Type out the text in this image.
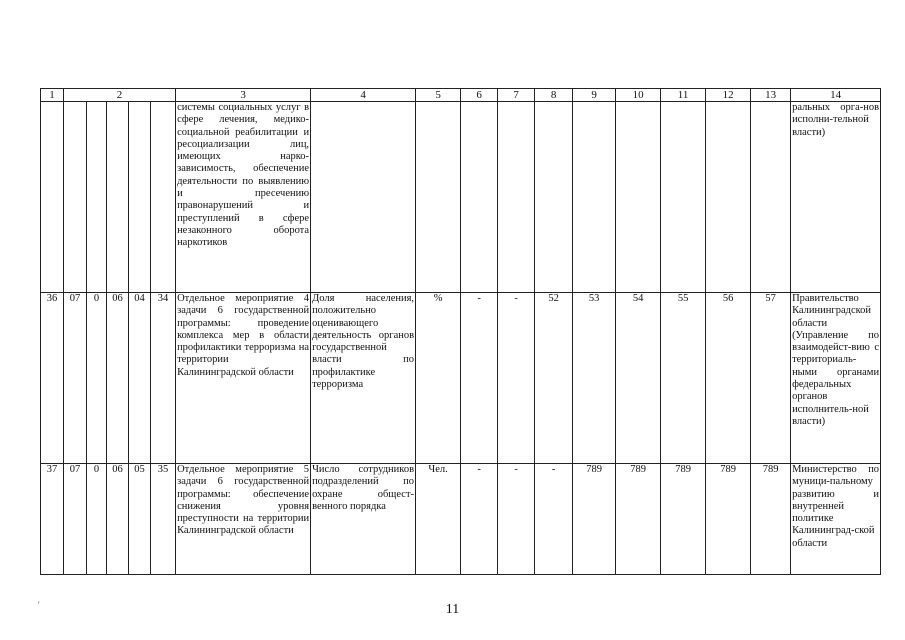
1	2					3	4	5	6	7	8	9	10	11	12	13	14
						системы социальных услуг в сфере лечения, медико-социальной реабилитации и ресоциализации лиц, имеющих нарко-зависимость, обеспечение деятельности по выявлению и пресечению правонарушений и преступлений в сфере незаконного оборота наркотиков											ральных орга-нов исполни-тельной власти)
36	07	0	06	04	34	Отдельное мероприятие 4 задачи 6 государственной программы: проведение комплекса мер в области профилактики терроризма на территории Калининградской области	Доля населения, положительно оценивающего деятельность органов государственной власти по профилактике терроризма	%	-	-	52	53	54	55	56	57	Правительство Калининградской области (Управление по взаимодейст-вию с территориаль-ными органами федеральных органов исполнитель-ной власти)
37	07	0	06	05	35	Отдельное мероприятие 5 задачи 6 государственной программы: обеспечение снижения уровня преступности на территории Калининградской области	Число сотрудников подразделений по охране общест-венного порядка	Чел.	-	-	-	789	789	789	789	789	Министерство по муници-пальному развитию и внутренней политике Калининград-ской области
'	11
